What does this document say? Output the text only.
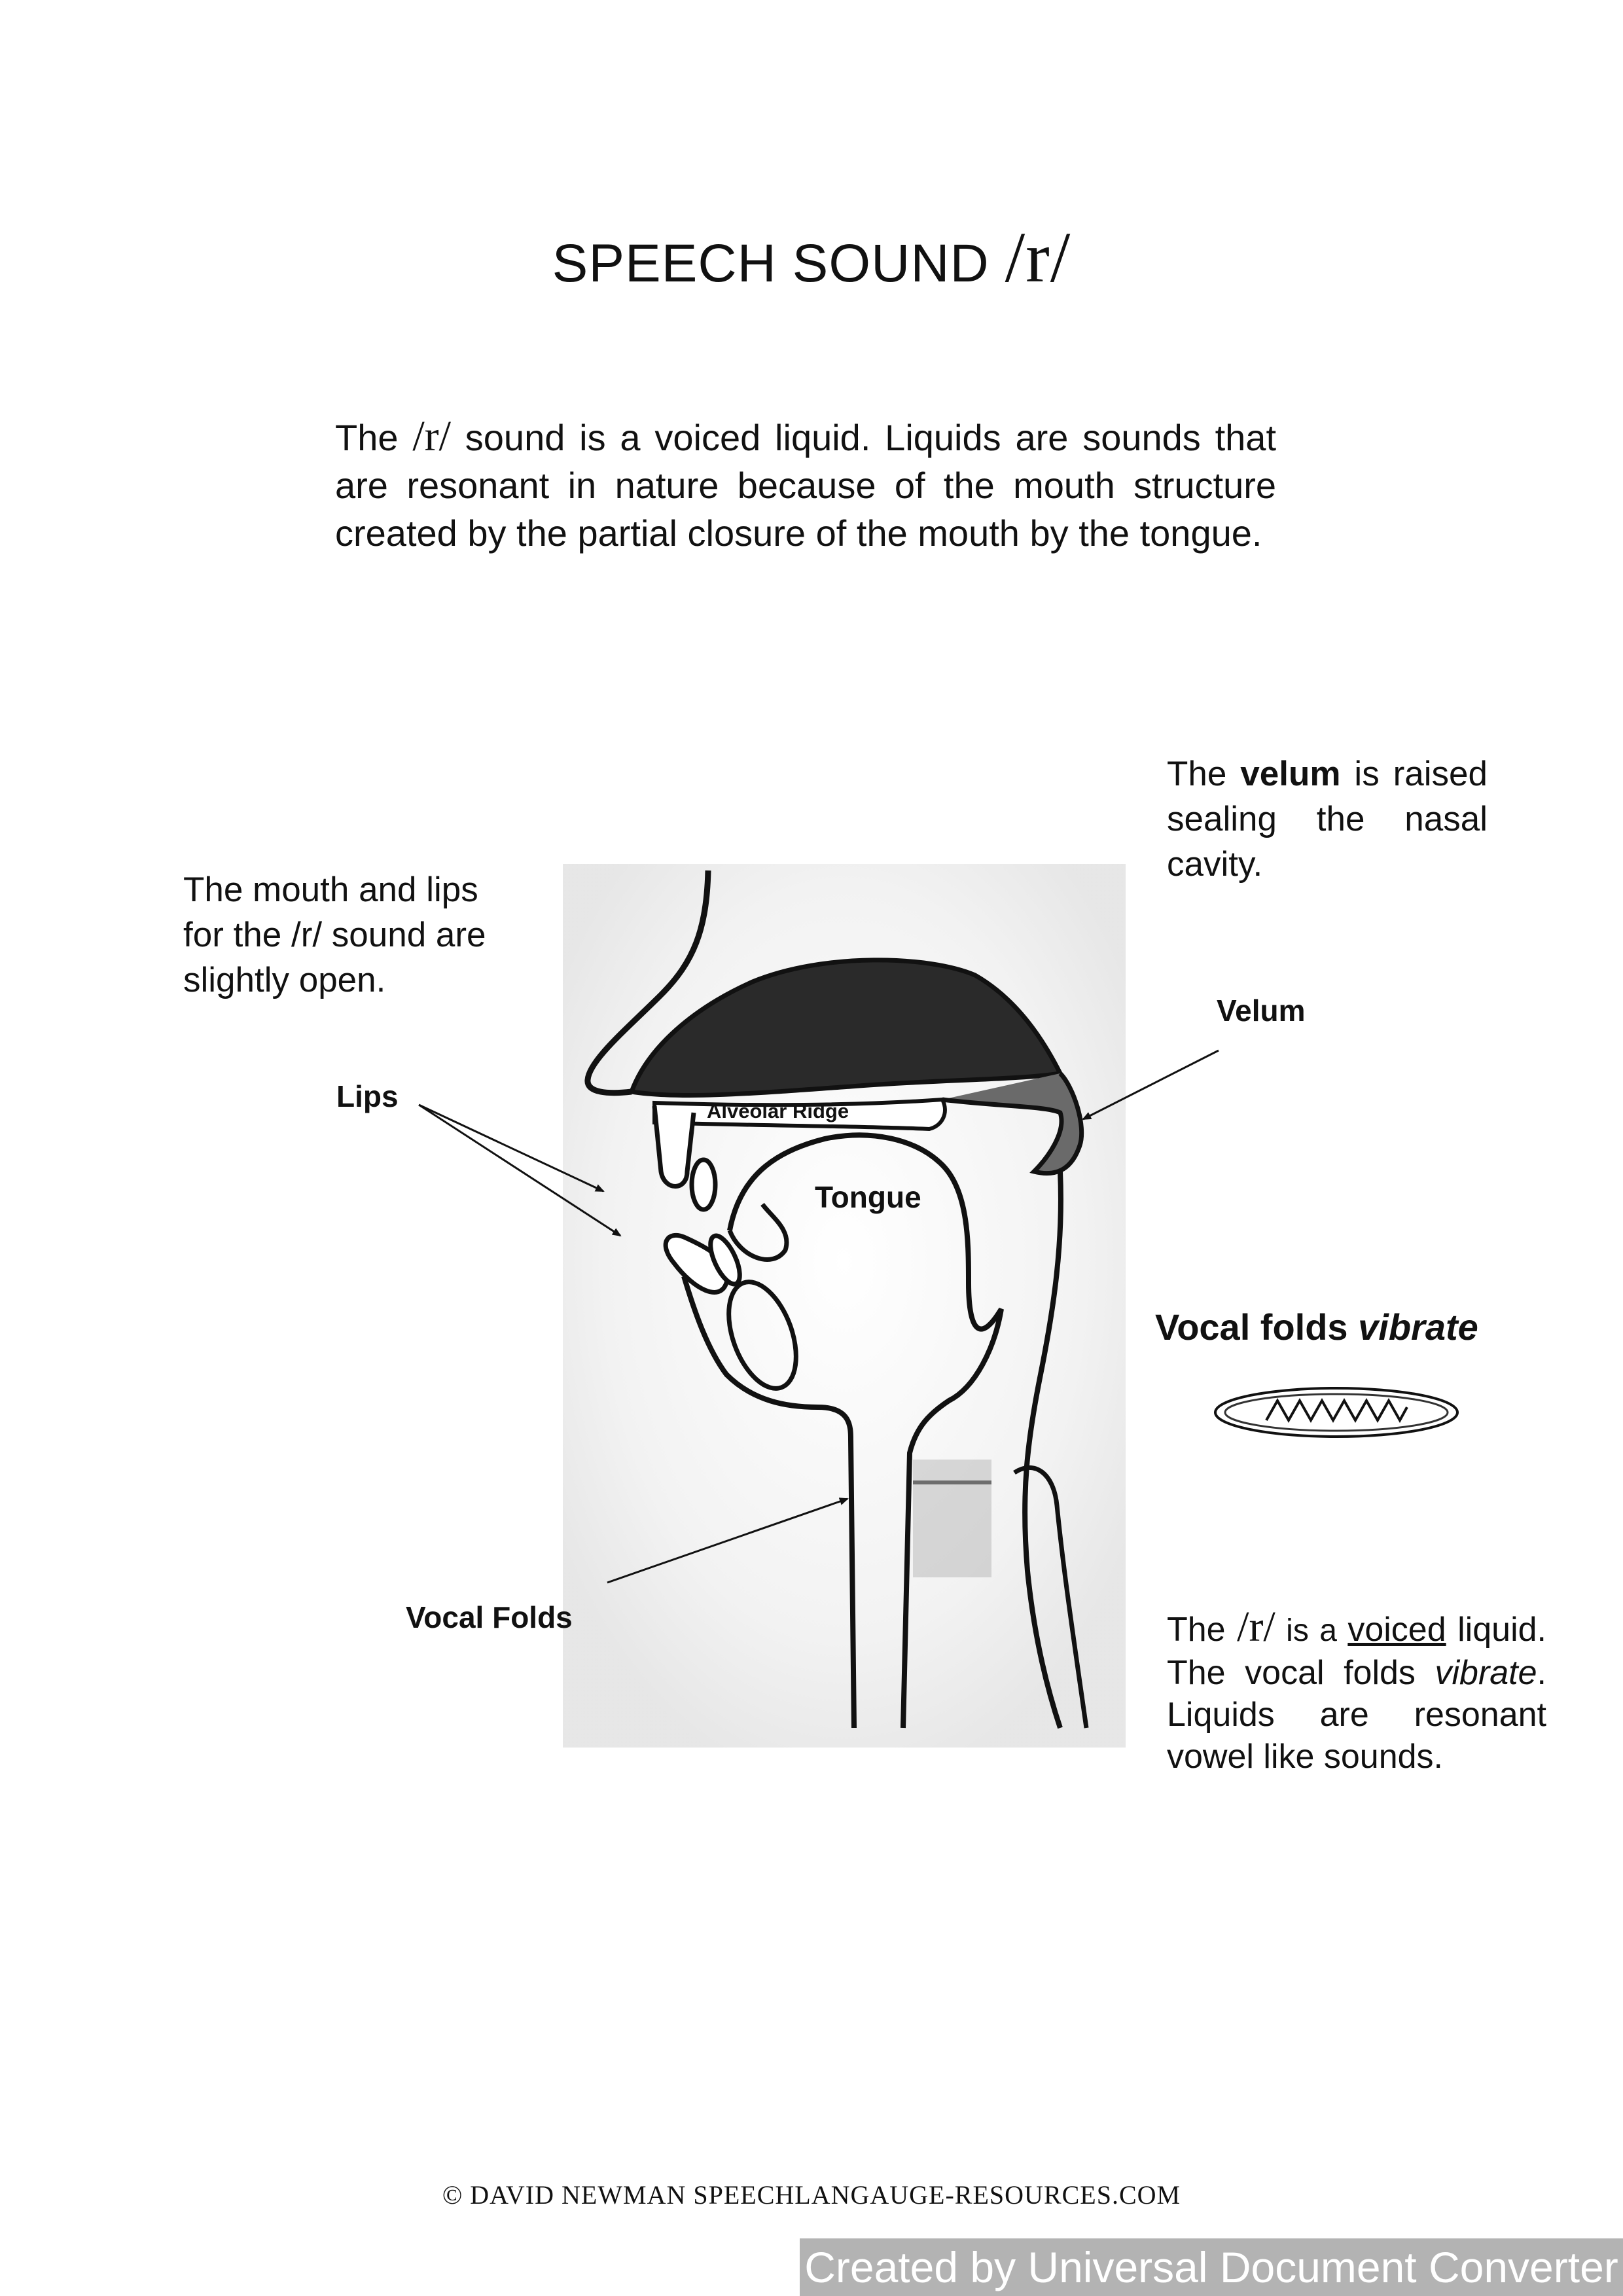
SPEECH SOUND /r/
The /r/ sound is a voiced liquid. Liquids are sounds that are resonant in nature because of the mouth structure created by the partial closure of the mouth by the tongue.
The mouth and lips for the /r/ sound are slightly open.
The velum is raised sealing the nasal cavity.
Velum
Lips	Alveolar Ridge
Tongue
Vocal Folds
Vocal folds vibrate
The /r/ is a voiced liquid.
The vocal folds vibrate.
Liquids are resonant
vowel like sounds.
© DAVID NEWMAN SPEECHLANGAUGE-RESOURCES.COM
Created by Universal Document Converter
